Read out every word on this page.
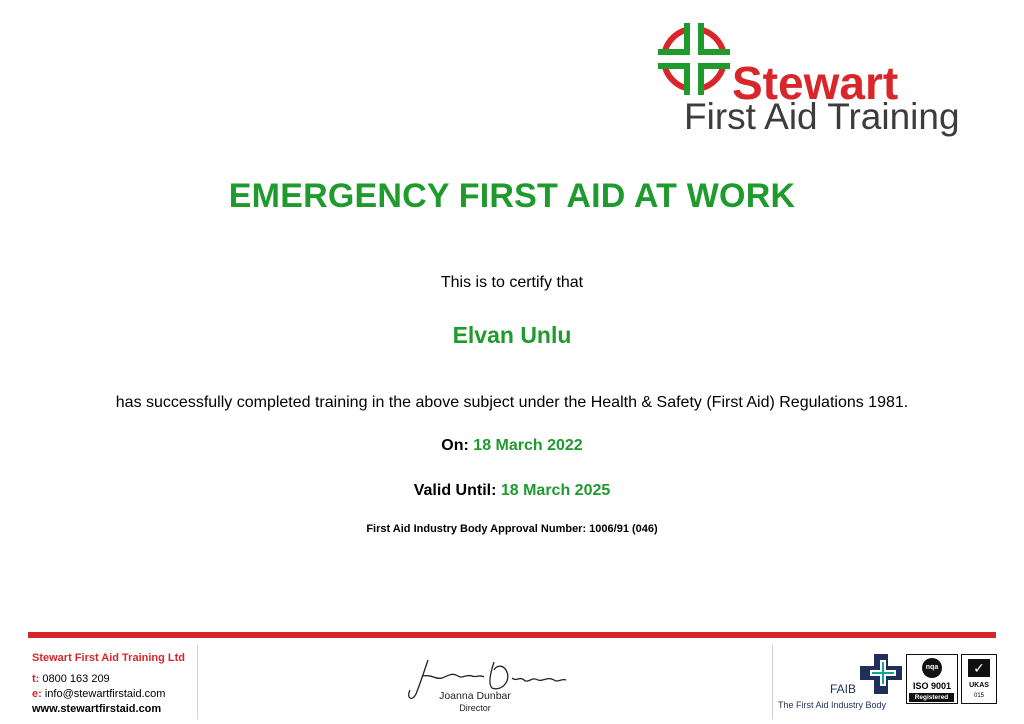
Stewart
First Aid Training
EMERGENCY FIRST AID AT WORK
This is to certify that
Elvan Unlu
has successfully completed training in the above subject under the Health & Safety (First Aid) Regulations 1981.
On: 18 March 2022
Valid Until: 18 March 2025
First Aid Industry Body Approval Number: 1006/91 (046)
Stewart First Aid Training Ltd
t: 0800 163 209
e: info@stewartfirstaid.com
www.stewartfirstaid.com
Joanna Dunbar
Director
FAIB
The First Aid Industry Body
nqa
ISO 9001
Registered
✓
UKAS
015
